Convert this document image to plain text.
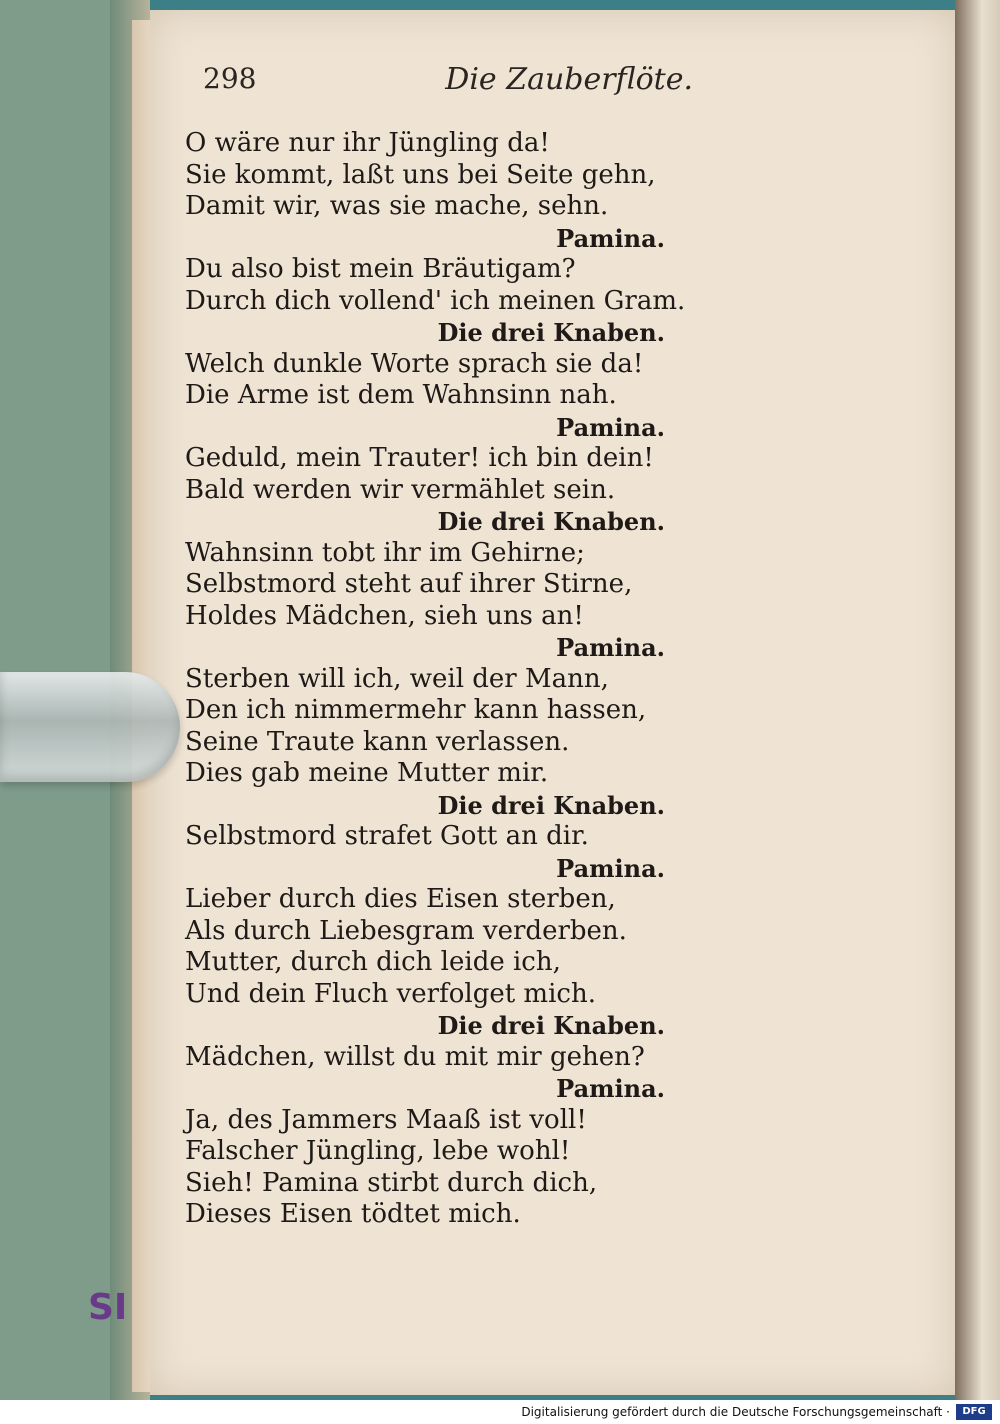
298	Die Zauberflöte.
O wäre nur ihr Jüngling da!
Sie kommt, laßt uns bei Seite gehn,
Damit wir, was sie mache, sehn.
Pamina.
Du also bist mein Bräutigam?
Durch dich vollend' ich meinen Gram.
Die drei Knaben.
Welch dunkle Worte sprach sie da!
Die Arme ist dem Wahnsinn nah.
Pamina.
Geduld, mein Trauter! ich bin dein!
Bald werden wir vermählet sein.
Die drei Knaben.
Wahnsinn tobt ihr im Gehirne;
Selbstmord steht auf ihrer Stirne,
Holdes Mädchen, sieh uns an!
Pamina.
Sterben will ich, weil der Mann,
Den ich nimmermehr kann hassen,
Seine Traute kann verlassen.
Dies gab meine Mutter mir.
Die drei Knaben.
Selbstmord strafet Gott an dir.
Pamina.
Lieber durch dies Eisen sterben,
Als durch Liebesgram verderben.
Mutter, durch dich leide ich,
Und dein Fluch verfolget mich.
Die drei Knaben.
Mädchen, willst du mit mir gehen?
Pamina.
Ja, des Jammers Maaß ist voll!
Falscher Jüngling, lebe wohl!
Sieh! Pamina stirbt durch dich,
Dieses Eisen tödtet mich.
SI
Digitalisierung gefördert durch die Deutsche Forschungsgemeinschaft ·	DFG
